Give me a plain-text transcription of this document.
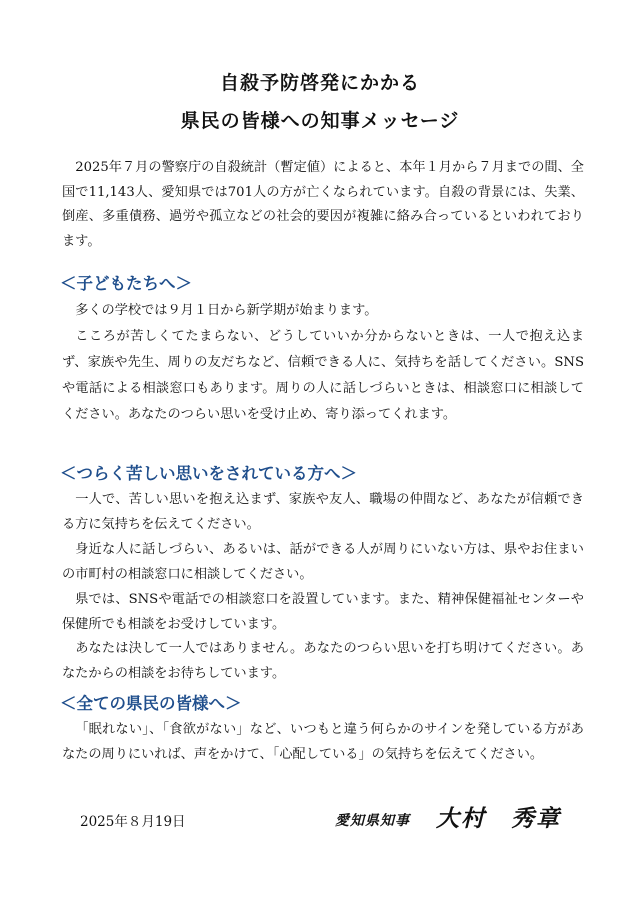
自殺予防啓発にかかる
県民の皆様への知事メッセージ

2025年７月の警察庁の自殺統計（暫定値）によると、本年１月から７月までの間、全国で11,143人、愛知県では701人の方が亡くなられています。自殺の背景には、失業、倒産、多重債務、過労や孤立などの社会的要因が複雑に絡み合っているといわれております。

＜子どもたちへ＞

多くの学校では９月１日から新学期が始まります。

こころが苦しくてたまらない、どうしていいか分からないときは、一人で抱え込まず、家族や先生、周りの友だちなど、信頼できる人に、気持ちを話してください。SNSや電話による相談窓口もあります。周りの人に話しづらいときは、相談窓口に相談してください。あなたのつらい思いを受け止め、寄り添ってくれます。

＜つらく苦しい思いをされている方へ＞

一人で、苦しい思いを抱え込まず、家族や友人、職場の仲間など、あなたが信頼できる方に気持ちを伝えてください。

身近な人に話しづらい、あるいは、話ができる人が周りにいない方は、県やお住まいの市町村の相談窓口に相談してください。

県では、SNSや電話での相談窓口を設置しています。また、精神保健福祉センターや保健所でも相談をお受けしています。

あなたは決して一人ではありません。あなたのつらい思いを打ち明けてください。あなたからの相談をお待ちしています。

＜全ての県民の皆様へ＞

「眠れない」、「食欲がない」など、いつもと違う何らかのサインを発している方があなたの周りにいれば、声をかけて、「心配している」の気持ちを伝えてください。

2025年８月19日	愛知県知事 大村　秀章
